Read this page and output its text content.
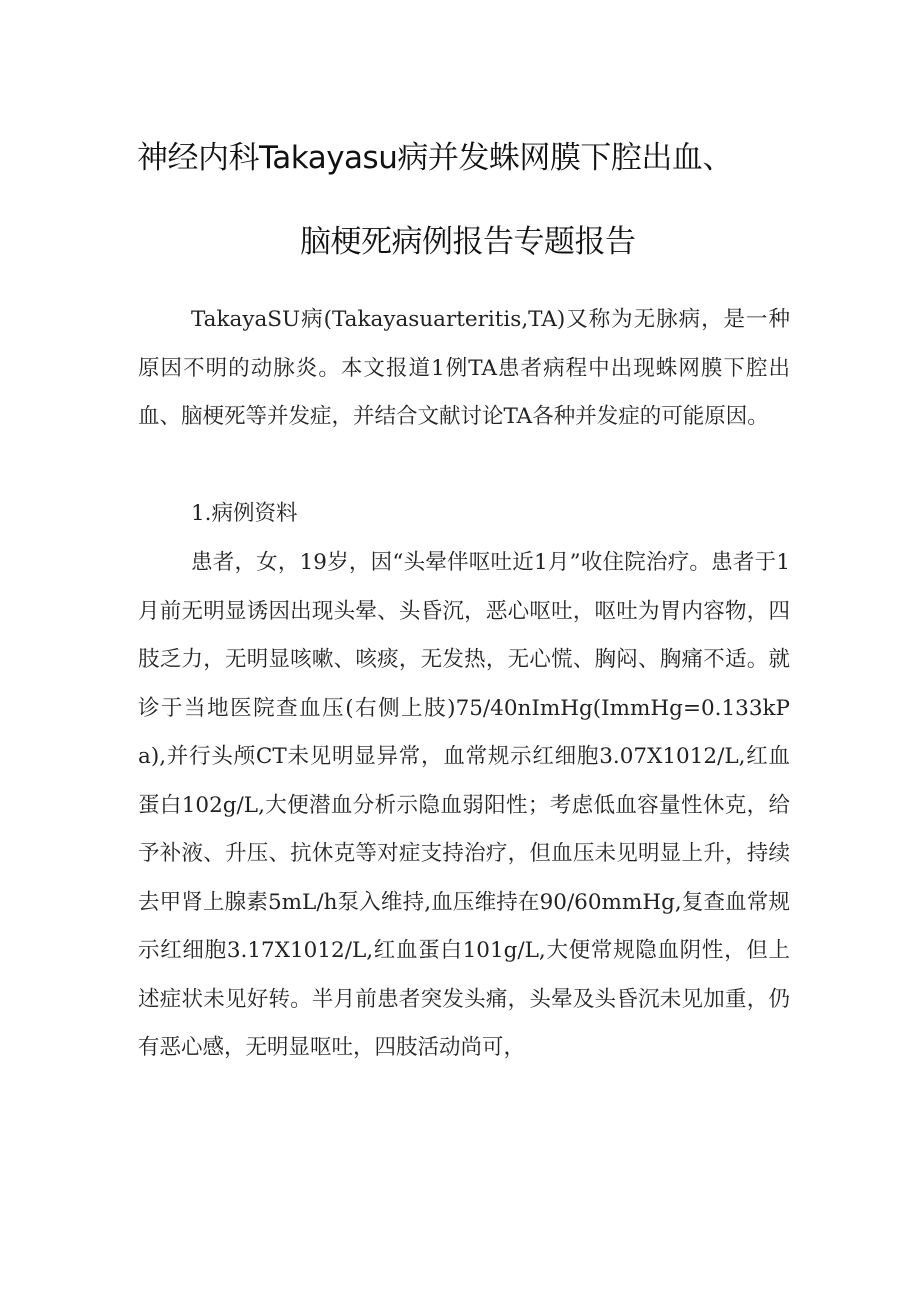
神经内科Takayasu病并发蛛网膜下腔出血、
脑梗死病例报告专题报告

TakayaSU病(Takayasuarteritis,TA)又称为无脉病，是一种原因不明的动脉炎。本文报道1例TA患者病程中出现蛛网膜下腔出血、脑梗死等并发症，并结合文献讨论TA各种并发症的可能原因。

1.病例资料

患者，女，19岁，因“头晕伴呕吐近1月”收住院治疗。患者于1月前无明显诱因出现头晕、头昏沉，恶心呕吐，呕吐为胃内容物，四肢乏力，无明显咳嗽、咳痰，无发热，无心慌、胸闷、胸痛不适。就诊于当地医院查血压(右侧上肢)75/40nImHg(ImmHg=0.133kPa),并行头颅CT未见明显异常，血常规示红细胞3.07X1012/L,红血蛋白102g/L,大便潜血分析示隐血弱阳性；考虑低血容量性休克，给予补液、升压、抗休克等对症支持治疗，但血压未见明显上升，持续去甲肾上腺素5mL/h泵入维持,血压维持在90/60mmHg,复查血常规示红细胞3.17X1012/L,红血蛋白101g/L,大便常规隐血阴性，但上述症状未见好转。半月前患者突发头痛，头晕及头昏沉未见加重，仍有恶心感，无明显呕吐，四肢活动尚可，
